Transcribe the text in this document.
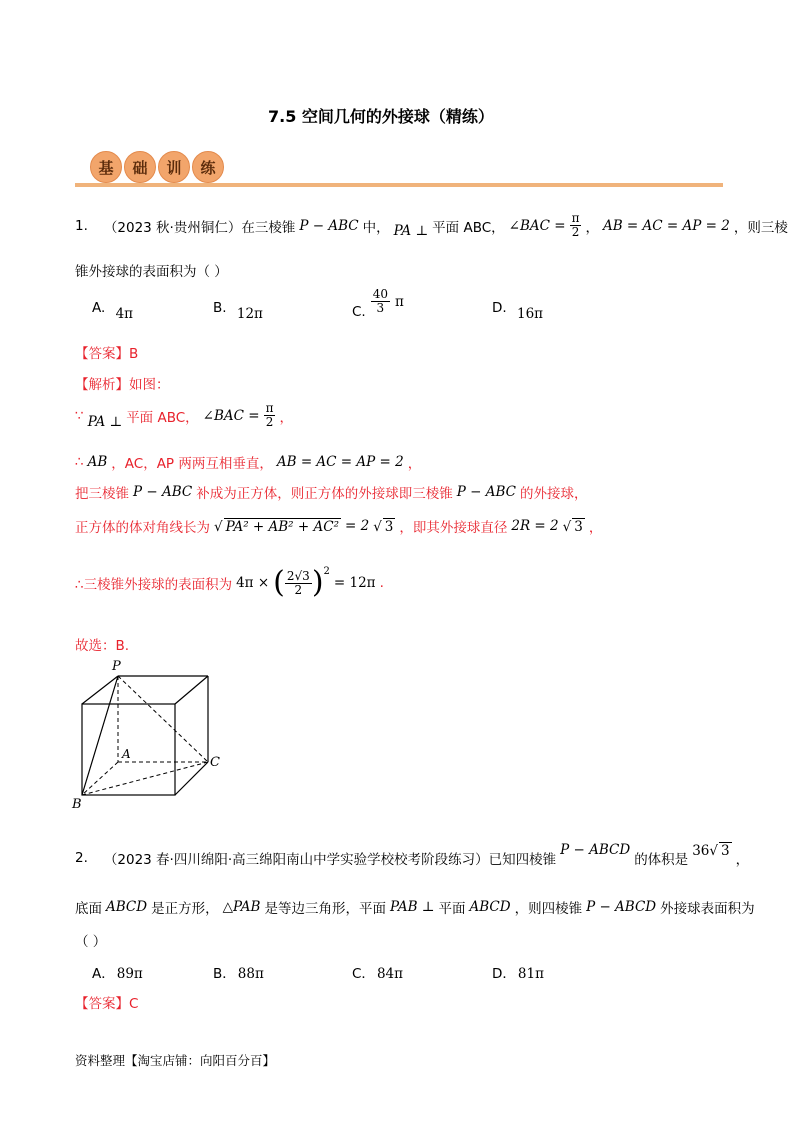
7.5 空间几何的外接球（精练）
基	础	训	练
1. （2023 秋·贵州铜仁）在三棱锥 P − ABC 中， PA ⊥ 平面 ABC， ∠BAC = $\frac{\pi}{2}$ ， AB = AC = AP = 2 ，则三棱
锥外接球的表面积为（ ）
A. 4π	B. 12π	C. $\frac{40}{3}$ π	D. 16π
【答案】B
【解析】如图：
∵ PA ⊥ 平面 ABC， ∠BAC = $\frac{\pi}{2}$ ，
∴ AB ，AC，AP 两两互相垂直， AB = AC = AP = 2 ，
把三棱锥 P − ABC 补成为正方体，则正方体的外接球即三棱锥 P − ABC 的外接球，
正方体的体对角线长为 √ PA² + AB² + AC² = 2 √ 3 ，即其外接球直径 2R = 2 √ 3 ，
∴三棱锥外接球的表面积为 4π × ( $\frac{2√3}{2} )^2$
= 12π .
故选：B.
P
A
B
C
2. （2023 春·四川绵阳·高三绵阳南山中学实验学校校考阶段练习）已知四棱锥
P − ABCD
的体积是
36√ 3
，
底面 ABCD 是正方形， △PAB 是等边三角形，平面 PAB ⊥ 平面 ABCD ，则四棱锥 P − ABCD 外接球表面积为
（ ）
A． 89π	B． 88π	C． 84π	D． 81π
【答案】C
资料整理【淘宝店铺：向阳百分百】
